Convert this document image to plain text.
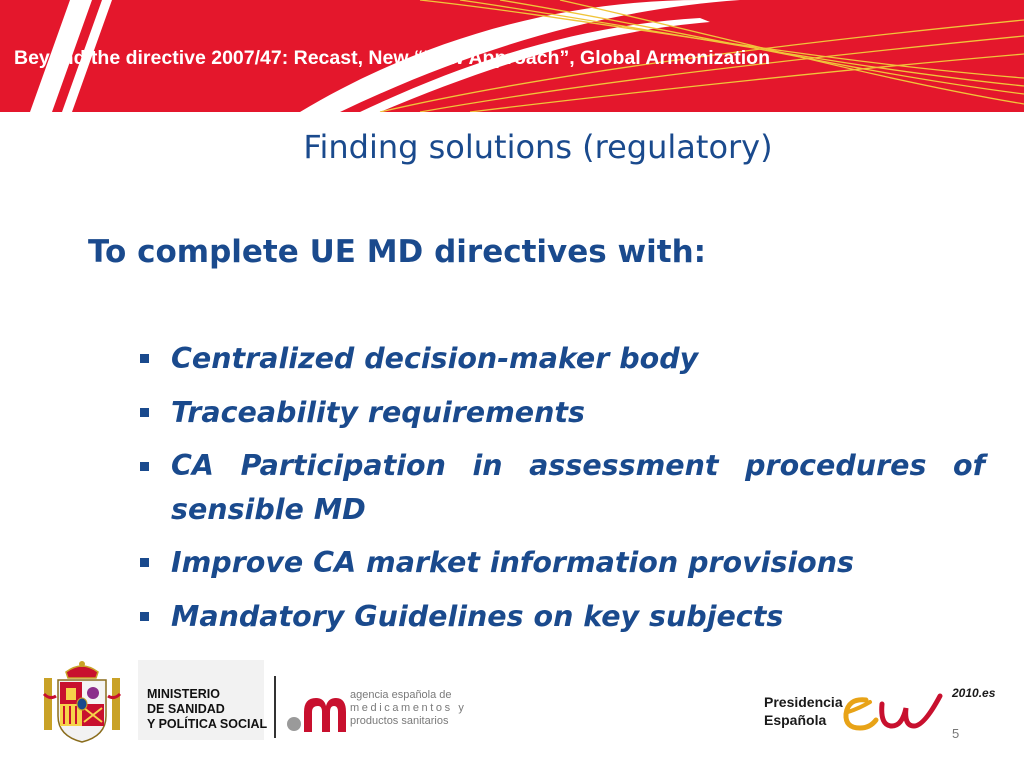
Beyond the directive 2007/47: Recast, New “New Approach”, Global Armonization
Finding solutions (regulatory)
To complete UE MD directives with:
Centralized decision-maker body
Traceability requirements
CA Participation in assessment procedures of sensible MD
Improve CA market information provisions
Mandatory Guidelines on key subjects
MINISTERIO
DE SANIDAD
Y POLÍTICA SOCIAL
agencia española de
medicamentos y
productos sanitarios
Presidencia
Española
2010.es
5
